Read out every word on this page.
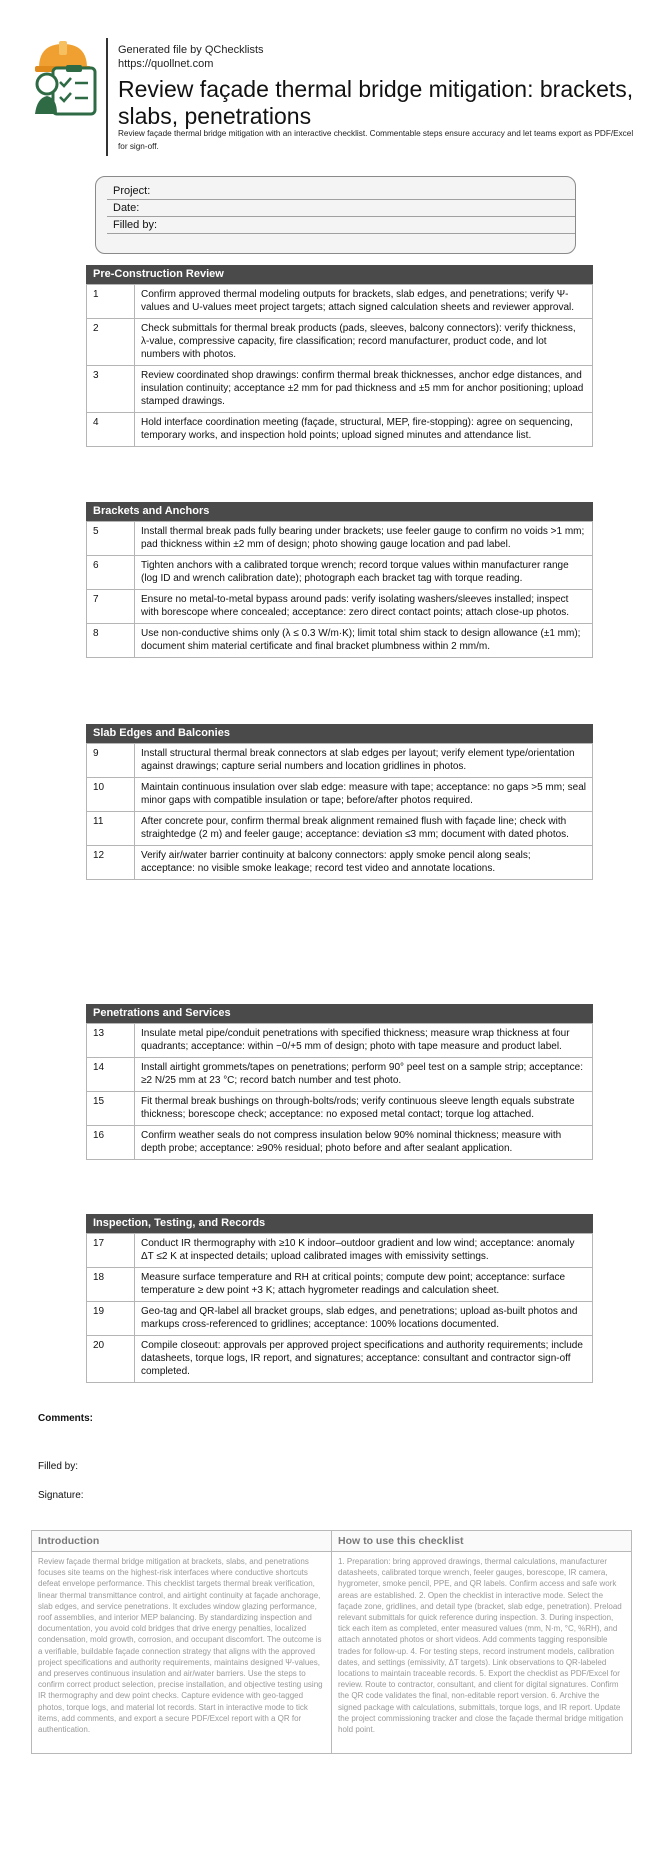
Generated file by QChecklists
https://quollnet.com
Review façade thermal bridge mitigation: brackets, slabs, penetrations
Review façade thermal bridge mitigation with an interactive checklist. Commentable steps ensure accuracy and let teams export as PDF/Excel for sign-off.
Project:
Date:
Filled by:
Pre-Construction Review
1	Confirm approved thermal modeling outputs for brackets, slab edges, and penetrations; verify Ψ-values and U-values meet project targets; attach signed calculation sheets and reviewer approval.
2	Check submittals for thermal break products (pads, sleeves, balcony connectors): verify thickness, λ-value, compressive capacity, fire classification; record manufacturer, product code, and lot numbers with photos.
3	Review coordinated shop drawings: confirm thermal break thicknesses, anchor edge distances, and insulation continuity; acceptance ±2 mm for pad thickness and ±5 mm for anchor positioning; upload stamped drawings.
4	Hold interface coordination meeting (façade, structural, MEP, fire-stopping): agree on sequencing, temporary works, and inspection hold points; upload signed minutes and attendance list.
Brackets and Anchors
5	Install thermal break pads fully bearing under brackets; use feeler gauge to confirm no voids >1 mm; pad thickness within ±2 mm of design; photo showing gauge location and pad label.
6	Tighten anchors with a calibrated torque wrench; record torque values within manufacturer range (log ID and wrench calibration date); photograph each bracket tag with torque reading.
7	Ensure no metal-to-metal bypass around pads: verify isolating washers/sleeves installed; inspect with borescope where concealed; acceptance: zero direct contact points; attach close-up photos.
8	Use non-conductive shims only (λ ≤ 0.3 W/m·K); limit total shim stack to design allowance (±1 mm); document shim material certificate and final bracket plumbness within 2 mm/m.
Slab Edges and Balconies
9	Install structural thermal break connectors at slab edges per layout; verify element type/orientation against drawings; capture serial numbers and location gridlines in photos.
10	Maintain continuous insulation over slab edge: measure with tape; acceptance: no gaps >5 mm; seal minor gaps with compatible insulation or tape; before/after photos required.
11	After concrete pour, confirm thermal break alignment remained flush with façade line; check with straightedge (2 m) and feeler gauge; acceptance: deviation ≤3 mm; document with dated photos.
12	Verify air/water barrier continuity at balcony connectors: apply smoke pencil along seals; acceptance: no visible smoke leakage; record test video and annotate locations.
Penetrations and Services
13	Insulate metal pipe/conduit penetrations with specified thickness; measure wrap thickness at four quadrants; acceptance: within −0/+5 mm of design; photo with tape measure and product label.
14	Install airtight grommets/tapes on penetrations; perform 90° peel test on a sample strip; acceptance: ≥2 N/25 mm at 23 °C; record batch number and test photo.
15	Fit thermal break bushings on through-bolts/rods; verify continuous sleeve length equals substrate thickness; borescope check; acceptance: no exposed metal contact; torque log attached.
16	Confirm weather seals do not compress insulation below 90% nominal thickness; measure with depth probe; acceptance: ≥90% residual; photo before and after sealant application.
Inspection, Testing, and Records
17	Conduct IR thermography with ≥10 K indoor–outdoor gradient and low wind; acceptance: anomaly ΔT ≤2 K at inspected details; upload calibrated images with emissivity settings.
18	Measure surface temperature and RH at critical points; compute dew point; acceptance: surface temperature ≥ dew point +3 K; attach hygrometer readings and calculation sheet.
19	Geo-tag and QR-label all bracket groups, slab edges, and penetrations; upload as-built photos and markups cross-referenced to gridlines; acceptance: 100% locations documented.
20	Compile closeout: approvals per approved project specifications and authority requirements; include datasheets, torque logs, IR report, and signatures; acceptance: consultant and contractor sign-off completed.
Comments:
Filled by:
Signature:
Introduction
Review façade thermal bridge mitigation at brackets, slabs, and penetrations focuses site teams on the highest-risk interfaces where conductive shortcuts defeat envelope performance. This checklist targets thermal break verification, linear thermal transmittance control, and airtight continuity at façade anchorage, slab edges, and service penetrations. It excludes window glazing performance, roof assemblies, and interior MEP balancing. By standardizing inspection and documentation, you avoid cold bridges that drive energy penalties, localized condensation, mold growth, corrosion, and occupant discomfort. The outcome is a verifiable, buildable façade connection strategy that aligns with the approved project specifications and authority requirements, maintains designed Ψ-values, and preserves continuous insulation and air/water barriers. Use the steps to confirm correct product selection, precise installation, and objective testing using IR thermography and dew point checks. Capture evidence with geo-tagged photos, torque logs, and material lot records. Start in interactive mode to tick items, add comments, and export a secure PDF/Excel report with a QR for authentication.
How to use this checklist
1. Preparation: bring approved drawings, thermal calculations, manufacturer datasheets, calibrated torque wrench, feeler gauges, borescope, IR camera, hygrometer, smoke pencil, PPE, and QR labels. Confirm access and safe work areas are established. 2. Open the checklist in interactive mode. Select the façade zone, gridlines, and detail type (bracket, slab edge, penetration). Preload relevant submittals for quick reference during inspection. 3. During inspection, tick each item as completed, enter measured values (mm, N·m, °C, %RH), and attach annotated photos or short videos. Add comments tagging responsible trades for follow-up. 4. For testing steps, record instrument models, calibration dates, and settings (emissivity, ΔT targets). Link observations to QR-labeled locations to maintain traceable records. 5. Export the checklist as PDF/Excel for review. Route to contractor, consultant, and client for digital signatures. Confirm the QR code validates the final, non-editable report version. 6. Archive the signed package with calculations, submittals, torque logs, and IR report. Update the project commissioning tracker and close the façade thermal bridge mitigation hold point.
